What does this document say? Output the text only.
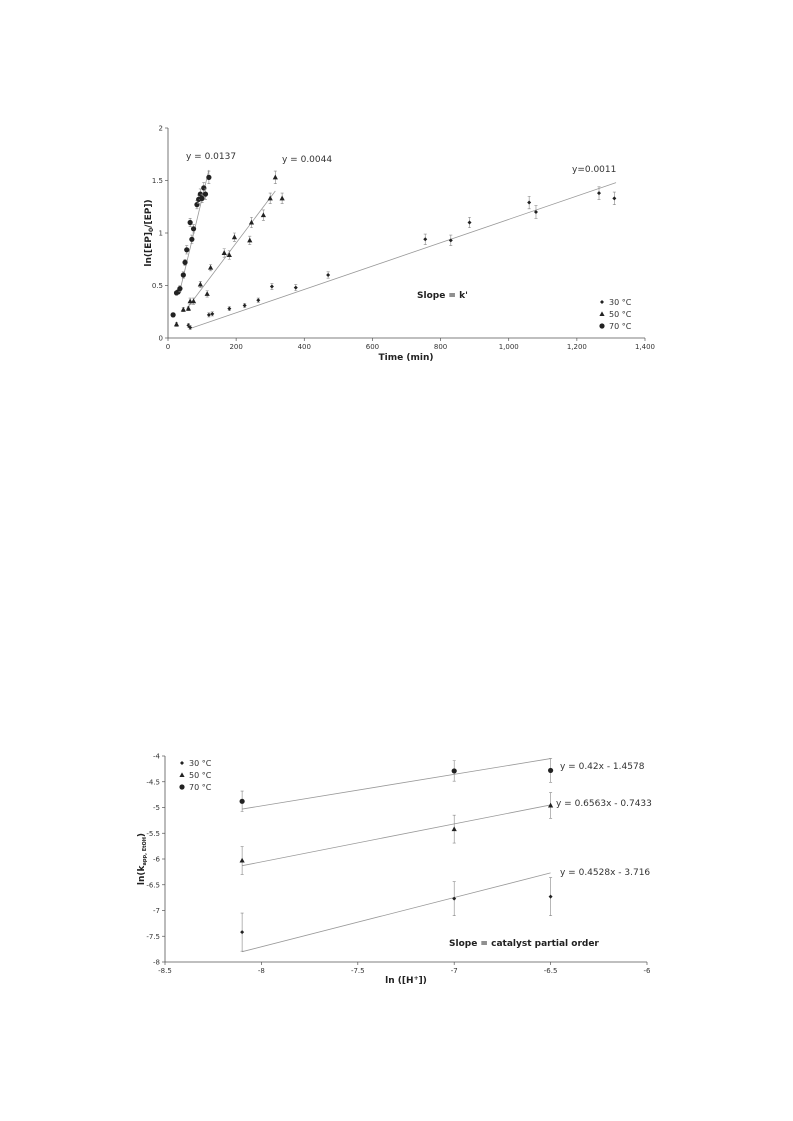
0	200	400	600	800	1,000	1,200	1,400
0
0.5
1
1.5
2
Time (min)
$\ln([EP]_0/[EP])$
y = 0.0137	y = 0.0044
y=0.0011
Slope = k'
30 °C
50 °C
70 °C
-8.5	-8	-7.5	-7	-6.5	-6
-8
-7.5
-7
-6.5
-6
-5.5
-5
-4.5
-4
ln ([H+])
$\ln(k_{app, EtOH})$
y = 0.42x - 1.4578
y = 0.6563x - 0.7433
y = 0.4528x - 3.716
Slope = catalyst partial order
30 °C
50 °C
70 °C
